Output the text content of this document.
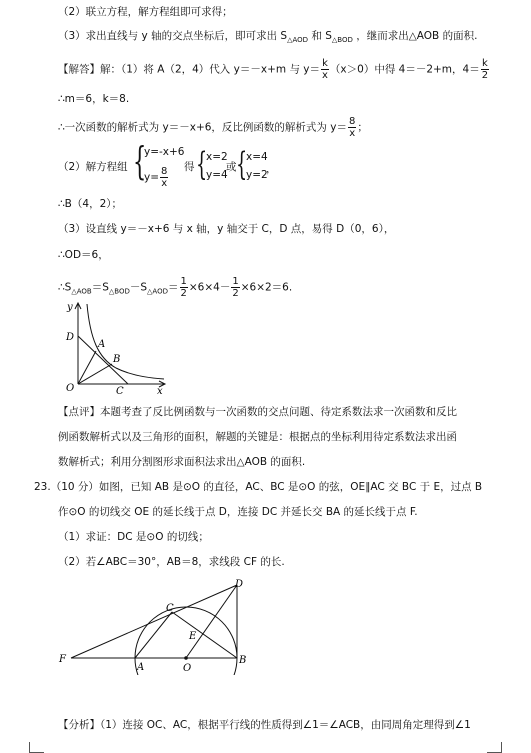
（2）联立方程，解方程组即可求得；
（3）求出直线与 y 轴的交点坐标后，即可求出 $S_{\triangle AOD}$ 和 $S_{\triangle BOD}$ ，继而求出△AOB 的面积.
【解答】解：（1）将 A（2，4）代入 y＝－x+m 与 $y= \frac{k}{x} (x>0)$中得 4＝－2+m，$4= \frac{k}{2}$
∴m＝6，k＝8.
∴一次函数的解析式为 y＝－x+6，反比例函数的解析式为 $y= \frac{8}{x}$ ；
（2）解方程组 {
y=-x+6
$y= \frac{8}{x}$ 得 {
x=2
y=4
或 {
x=4
y=2
，
∴B（4，2）；
（3）设直线 y＝－x+6 与 x 轴，y 轴交于 C，D 点，易得 D（0，6），
∴OD＝6，
$\therefore S_{\triangle AOB}=S_{\triangle BOD}-S_{\triangle AOD}= \frac{1}{2} \times 6\times 4- \frac{1}{2} \times 6\times 2=6$.
y
x
O
D
A
B
C
【点评】本题考查了反比例函数与一次函数的交点问题、待定系数法求一次函数和反比
例函数解析式以及三角形的面积，解题的关键是：根据点的坐标利用待定系数法求出函
数解析式；利用分割图形求面积法求出△AOB 的面积.
23.（10 分）如图，已知 AB 是⊙O 的直径，AC、BC 是⊙O 的弦，OE∥AC 交 BC 于 E，过点 B
作⊙O 的切线交 OE 的延长线于点 D，连接 DC 并延长交 BA 的延长线于点 F.
（1）求证：DC 是⊙O 的切线；
（2）若∠ABC＝30°，AB＝8，求线段 CF 的长.
D
C
E
F
A	O
B
【分析】（1）连接 OC、AC，根据平行线的性质得到∠1＝∠ACB，由同周角定理得到∠1
